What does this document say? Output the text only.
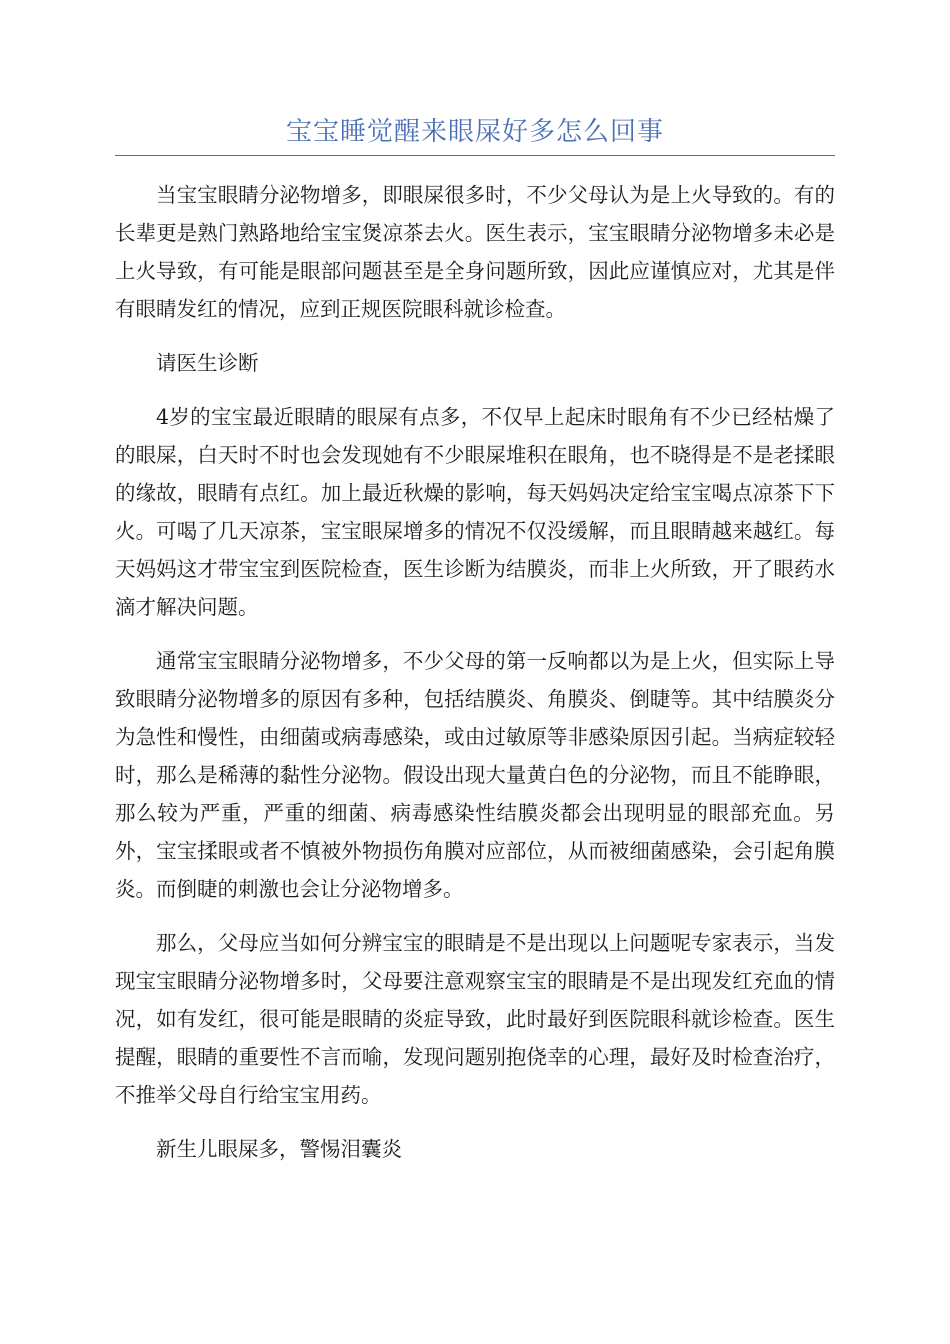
宝宝睡觉醒来眼屎好多怎么回事

当宝宝眼睛分泌物增多，即眼屎很多时，不少父母认为是上火导致的。有的长辈更是熟门熟路地给宝宝煲凉茶去火。医生表示，宝宝眼睛分泌物增多未必是上火导致，有可能是眼部问题甚至是全身问题所致，因此应谨慎应对，尤其是伴有眼睛发红的情况，应到正规医院眼科就诊检查。

请医生诊断

4岁的宝宝最近眼睛的眼屎有点多，不仅早上起床时眼角有不少已经枯燥了的眼屎，白天时不时也会发现她有不少眼屎堆积在眼角，也不晓得是不是老揉眼的缘故，眼睛有点红。加上最近秋燥的影响，每天妈妈决定给宝宝喝点凉茶下下火。可喝了几天凉茶，宝宝眼屎增多的情况不仅没缓解，而且眼睛越来越红。每天妈妈这才带宝宝到医院检查，医生诊断为结膜炎，而非上火所致，开了眼药水滴才解决问题。

通常宝宝眼睛分泌物增多，不少父母的第一反响都以为是上火，但实际上导致眼睛分泌物增多的原因有多种，包括结膜炎、角膜炎、倒睫等。其中结膜炎分为急性和慢性，由细菌或病毒感染，或由过敏原等非感染原因引起。当病症较轻时，那么是稀薄的黏性分泌物。假设出现大量黄白色的分泌物，而且不能睁眼，那么较为严重，严重的细菌、病毒感染性结膜炎都会出现明显的眼部充血。另外，宝宝揉眼或者不慎被外物损伤角膜对应部位，从而被细菌感染，会引起角膜炎。而倒睫的刺激也会让分泌物增多。

那么，父母应当如何分辨宝宝的眼睛是不是出现以上问题呢专家表示，当发现宝宝眼睛分泌物增多时，父母要注意观察宝宝的眼睛是不是出现发红充血的情况，如有发红，很可能是眼睛的炎症导致，此时最好到医院眼科就诊检查。医生提醒，眼睛的重要性不言而喻，发现问题别抱侥幸的心理，最好及时检查治疗，不推举父母自行给宝宝用药。

新生儿眼屎多，警惕泪囊炎
